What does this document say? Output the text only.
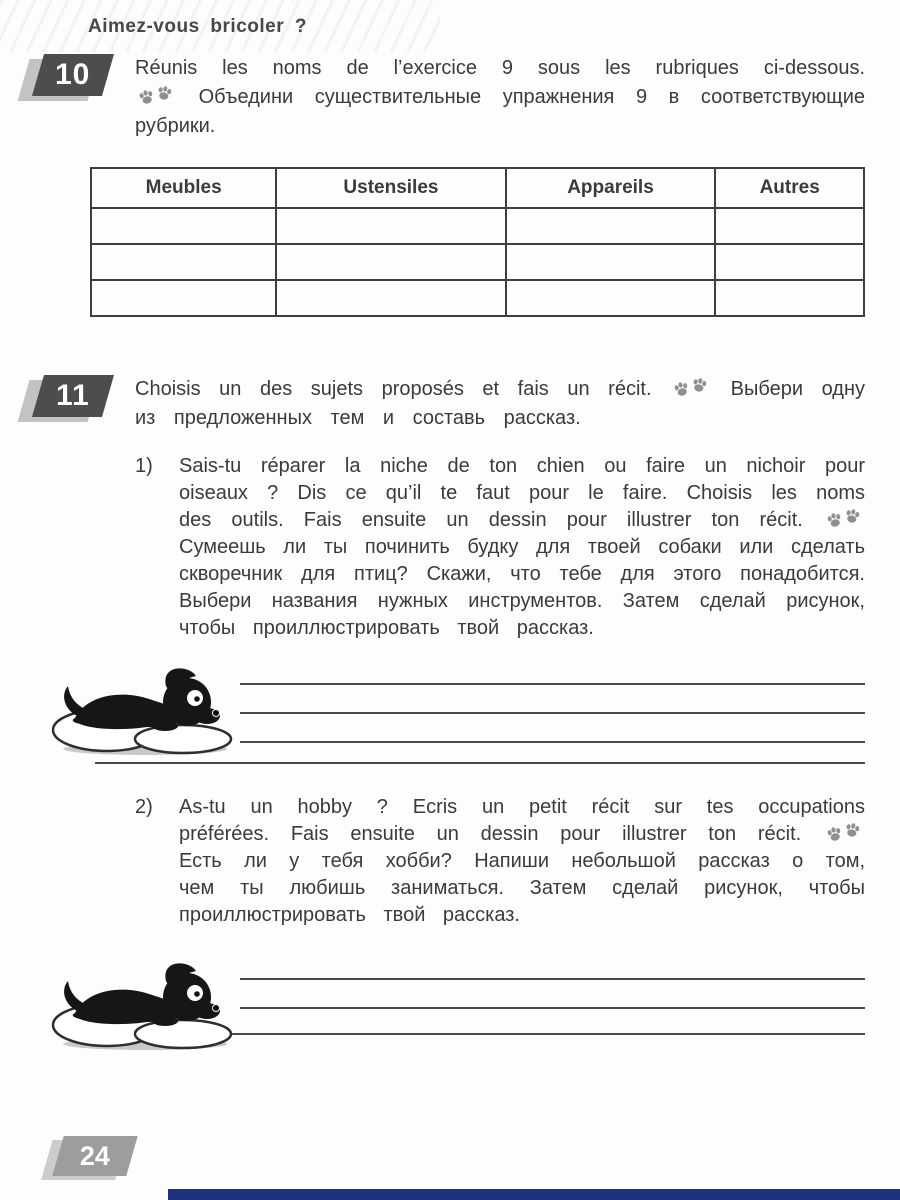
Aimez-vous bricoler ?
10 Réunis les noms de l’exercice 9 sous les rubriques ci-dessous.  Объедини существительные упражнения 9 в соответствующие рубрики.

Meubles	Ustensiles	Appareils	Autres

11 Choisis un des sujets proposés et fais un récit.	Выбери одну из предложенных тем и составь рассказ.

1)	Sais-tu réparer la niche de ton chien ou faire un nichoir pour oiseaux ? Dis ce qu’il te faut pour le faire. Choisis les noms des outils. Fais ensuite un dessin pour illustrer ton récit.  Сумеешь ли ты починить будку для твоей собаки или сделать скворечник для птиц? Скажи, что тебе для этого понадобится. Выбери названия нужных инструментов. Затем сделай рисунок, чтобы проиллюстрировать твой рассказ.

2)	As-tu un hobby ? Ecris un petit récit sur tes occupations préférées. Fais ensuite un dessin pour illustrer ton récit.  Есть ли у тебя хобби? Напиши небольшой рассказ о том, чем ты любишь заниматься. Затем сделай рисунок, чтобы проиллюстрировать твой рассказ.

24
